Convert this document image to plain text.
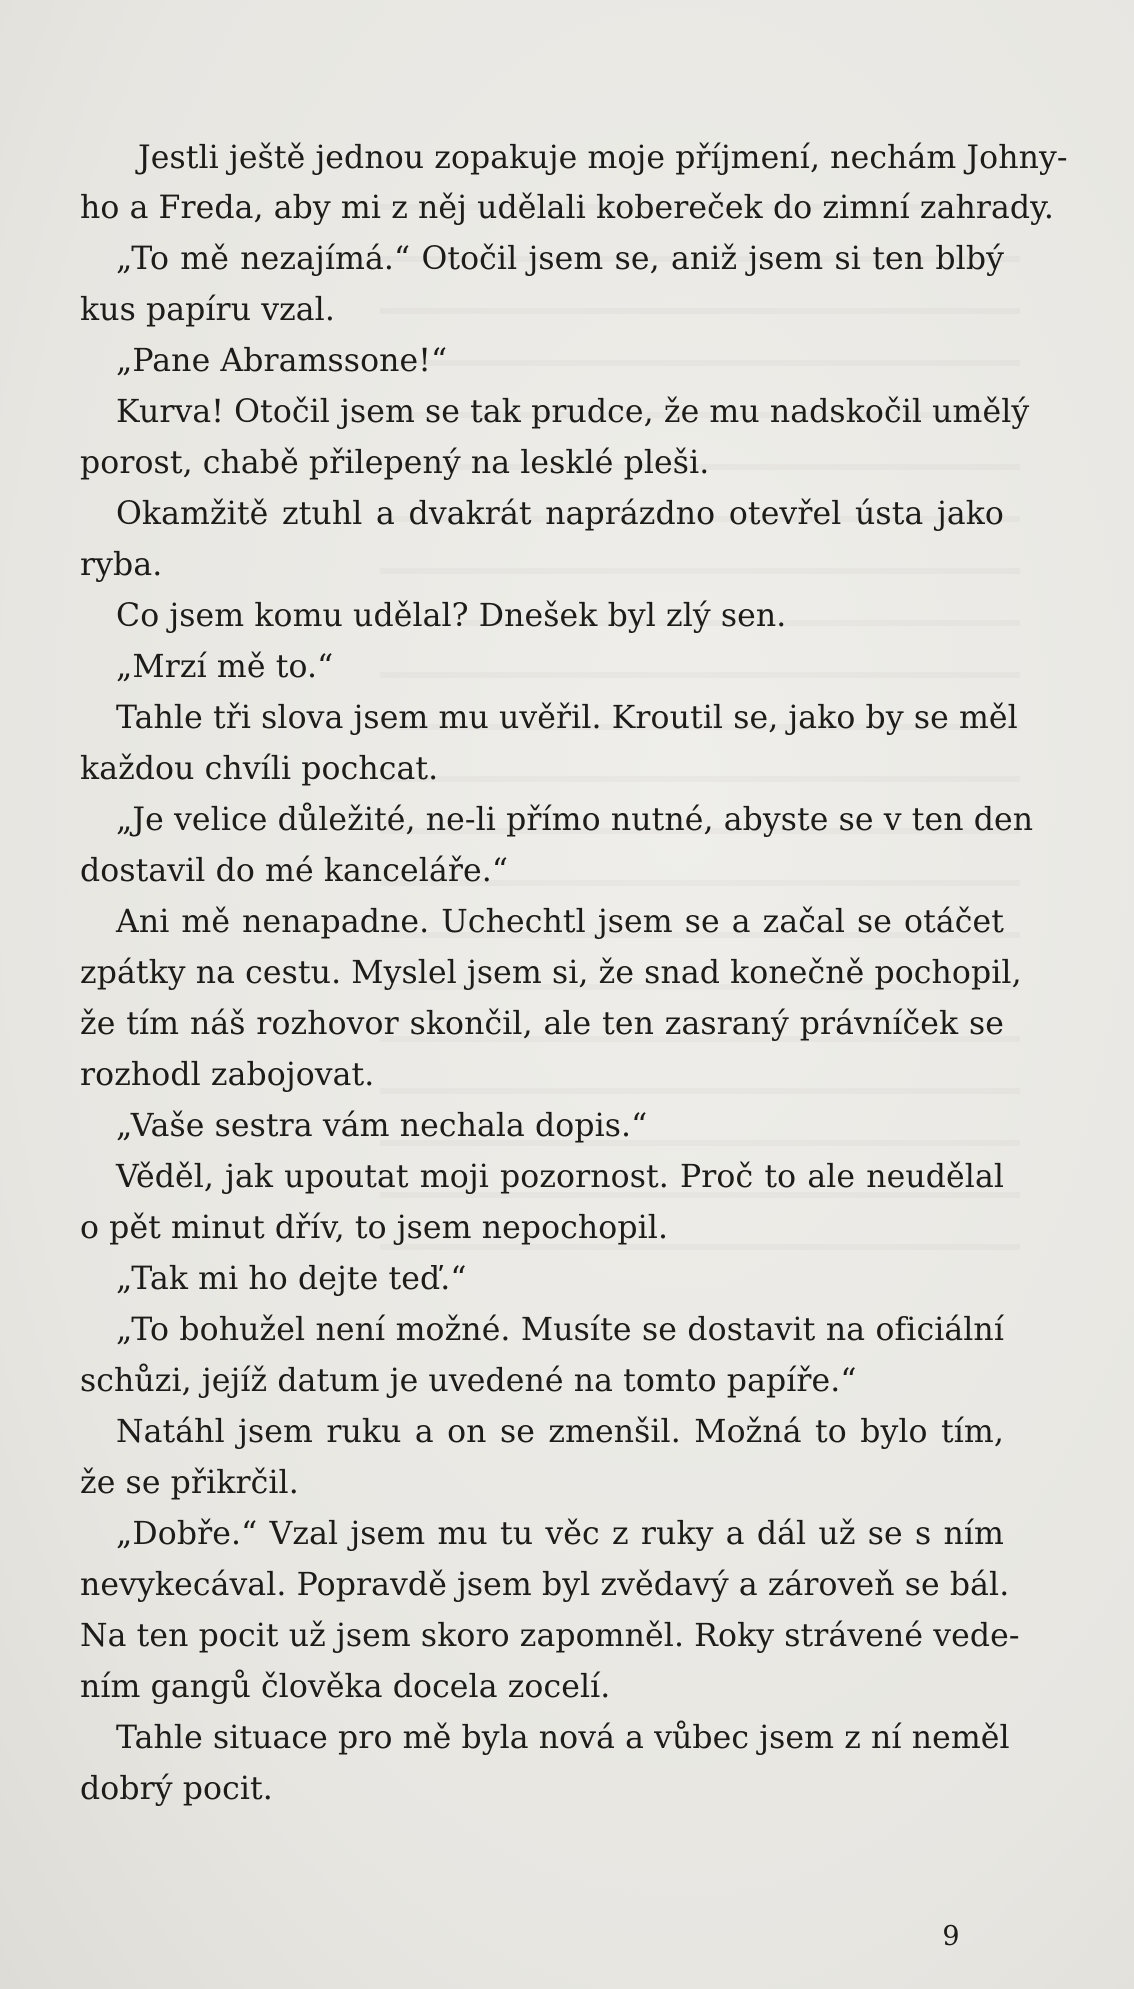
Jestli ještě jednou zopakuje moje příjmení, nechám Johny-
ho a Freda, aby mi z něj udělali kobereček do zimní zahrady.
„To mě nezajímá.“ Otočil jsem se, aniž jsem si ten blbý
kus papíru vzal.
„Pane Abramssone!“
Kurva! Otočil jsem se tak prudce, že mu nadskočil umělý
porost, chabě přilepený na lesklé pleši.
Okamžitě ztuhl a dvakrát naprázdno otevřel ústa jako
ryba.
Co jsem komu udělal? Dnešek byl zlý sen.
„Mrzí mě to.“
Tahle tři slova jsem mu uvěřil. Kroutil se, jako by se měl
každou chvíli pochcat.
„Je velice důležité, ne-li přímo nutné, abyste se v ten den
dostavil do mé kanceláře.“
Ani mě nenapadne. Uchechtl jsem se a začal se otáčet
zpátky na cestu. Myslel jsem si, že snad konečně pochopil,
že tím náš rozhovor skončil, ale ten zasraný právníček se
rozhodl zabojovat.
„Vaše sestra vám nechala dopis.“
Věděl, jak upoutat moji pozornost. Proč to ale neudělal
o pět minut dřív, to jsem nepochopil.
„Tak mi ho dejte teď.“
„To bohužel není možné. Musíte se dostavit na oficiální
schůzi, jejíž datum je uvedené na tomto papíře.“
Natáhl jsem ruku a on se zmenšil. Možná to bylo tím,
že se přikrčil.
„Dobře.“ Vzal jsem mu tu věc z ruky a dál už se s ním
nevykecával. Popravdě jsem byl zvědavý a zároveň se bál.
Na ten pocit už jsem skoro zapomněl. Roky strávené vede-
ním gangů člověka docela zocelí.
Tahle situace pro mě byla nová a vůbec jsem z ní neměl
dobrý pocit.
9
